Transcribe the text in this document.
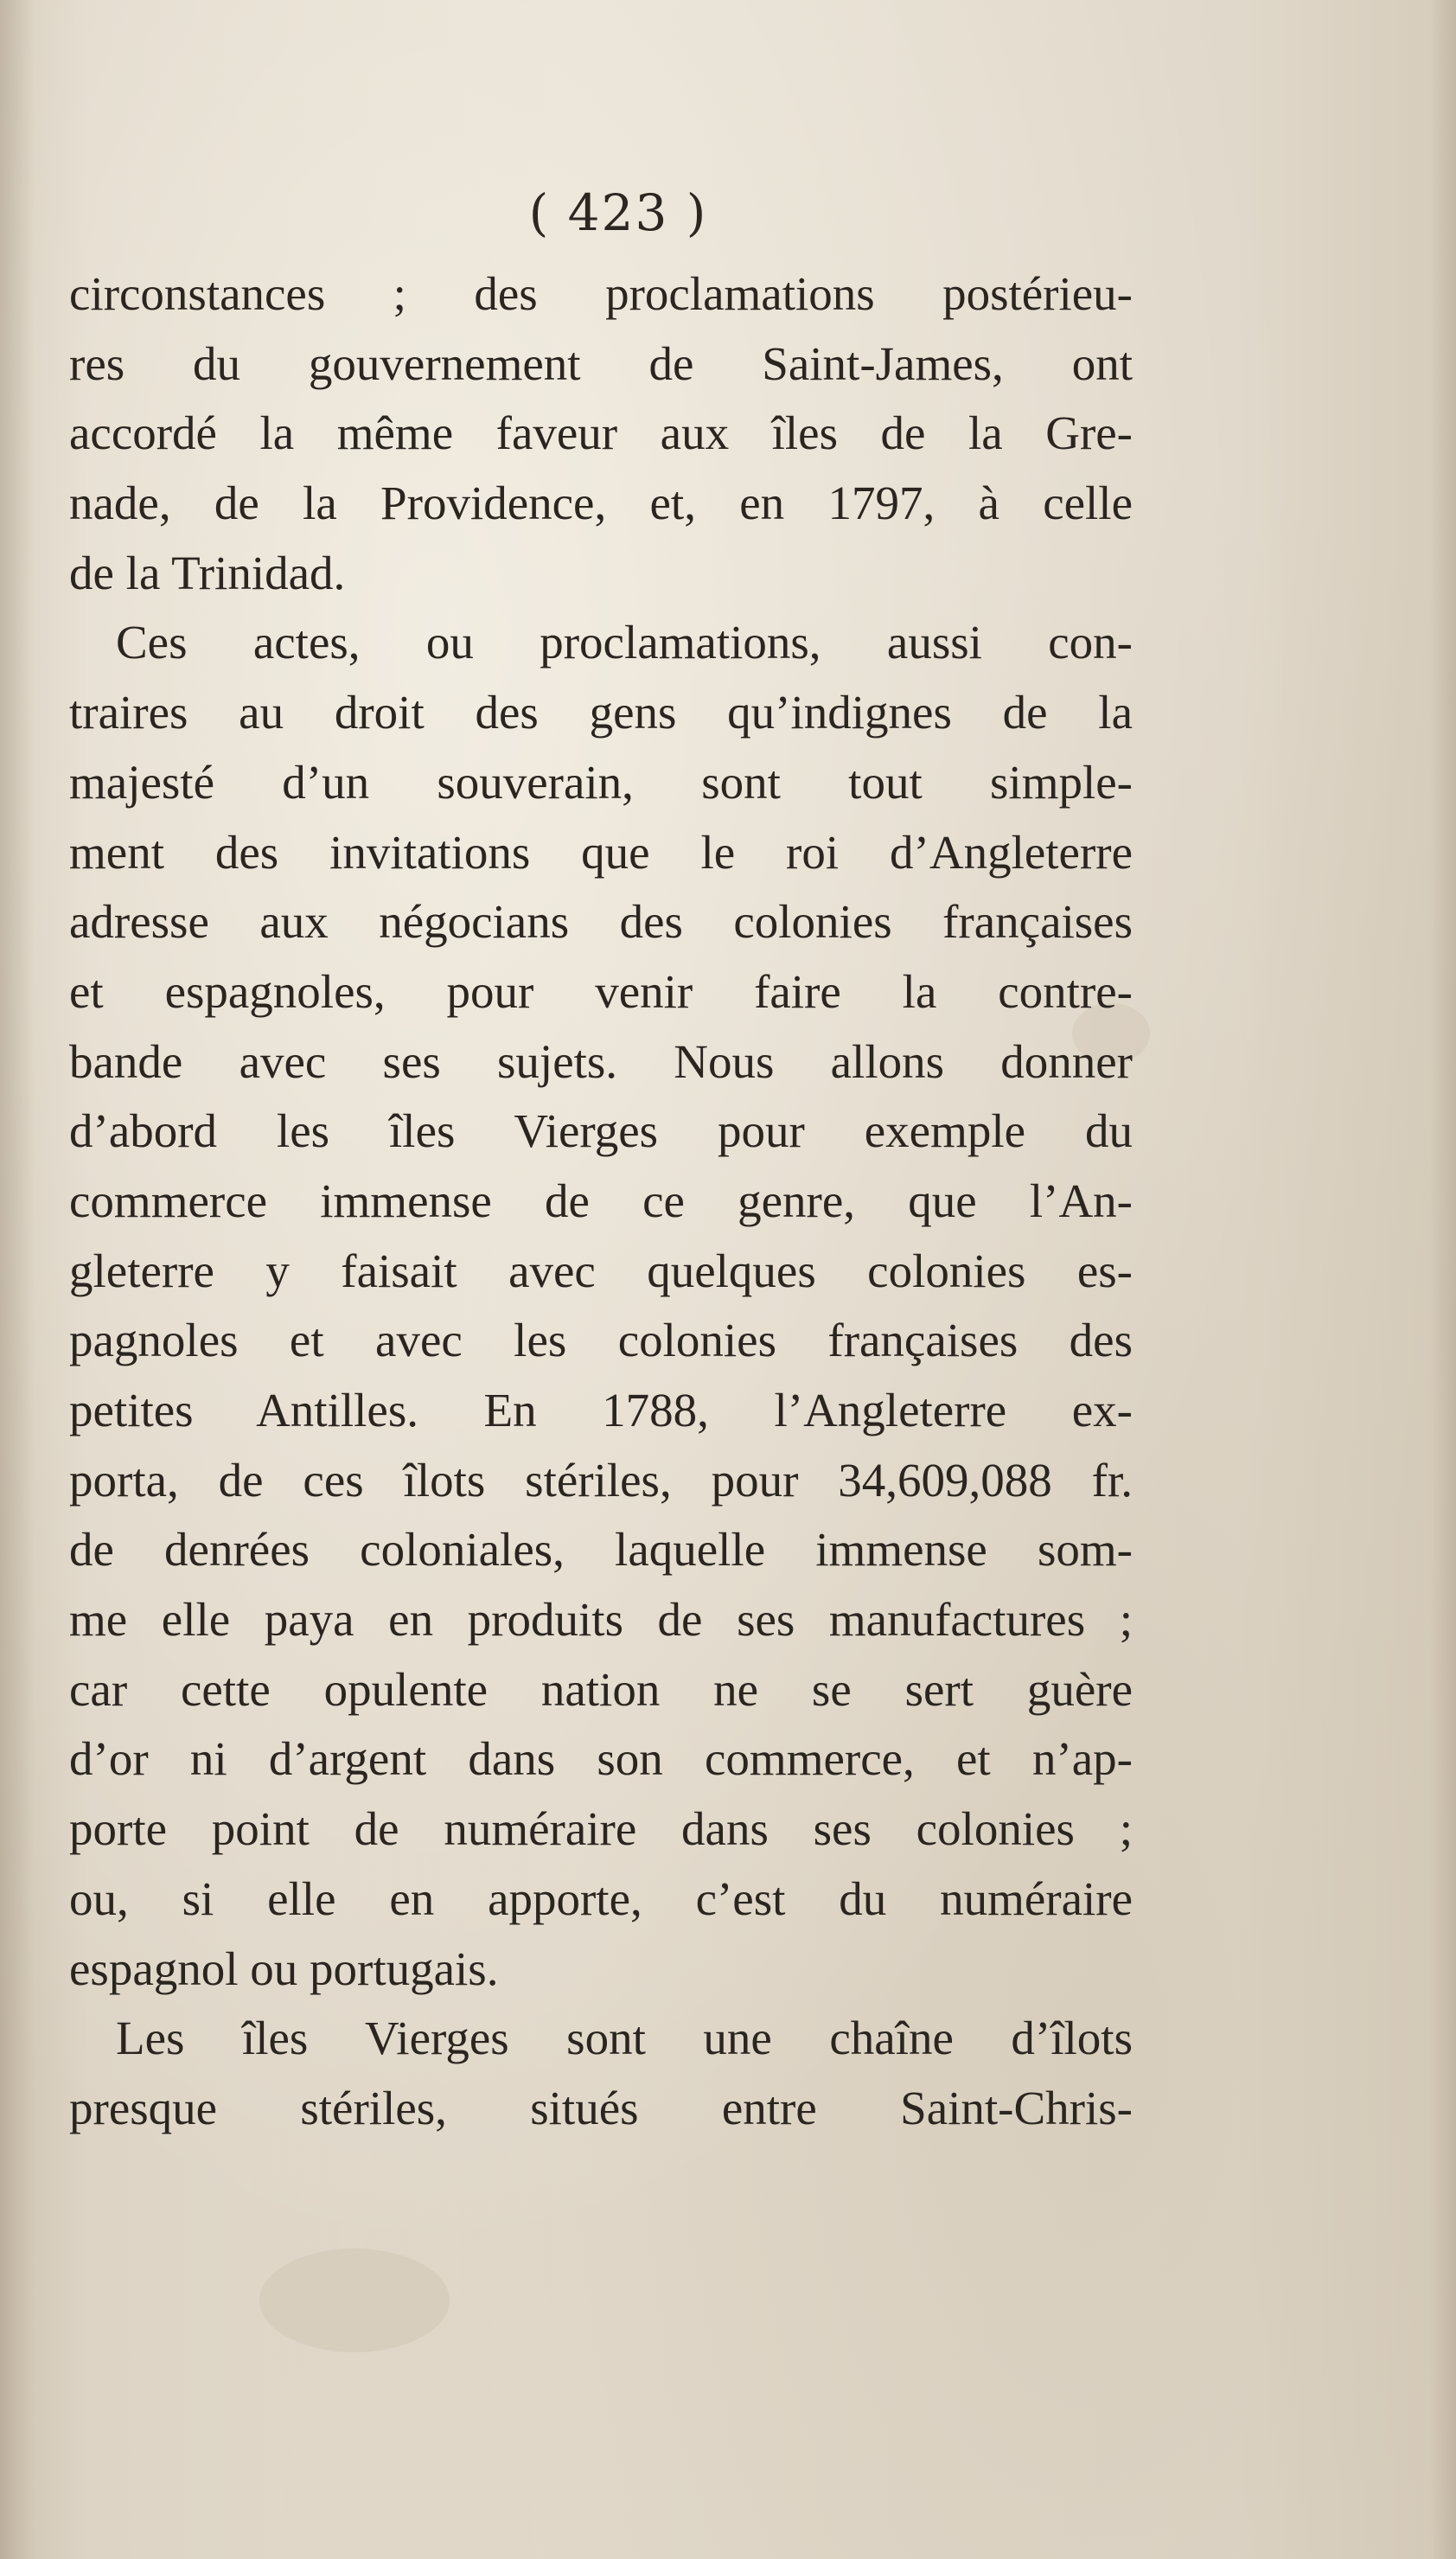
( 423 )
circonstances ; des proclamations postérieu-
res du gouvernement de Saint-James, ont
accordé la même faveur aux îles de la Gre-
nade, de la Providence, et, en 1797, à celle
de la Trinidad.
Ces actes, ou proclamations, aussi con-
traires au droit des gens qu’indignes de la
majesté d’un souverain, sont tout simple-
ment des invitations que le roi d’Angleterre
adresse aux négocians des colonies françaises
et espagnoles, pour venir faire la contre-
bande avec ses sujets. Nous allons donner
d’abord les îles Vierges pour exemple du
commerce immense de ce genre, que l’An-
gleterre y faisait avec quelques colonies es-
pagnoles et avec les colonies françaises des
petites Antilles. En 1788, l’Angleterre ex-
porta, de ces îlots stériles, pour 34,609,088 fr.
de denrées coloniales, laquelle immense som-
me elle paya en produits de ses manufactures ;
car cette opulente nation ne se sert guère
d’or ni d’argent dans son commerce, et n’ap-
porte point de numéraire dans ses colonies ;
ou, si elle en apporte, c’est du numéraire
espagnol ou portugais.
Les îles Vierges sont une chaîne d’îlots
presque stériles, situés entre Saint-Chris-
